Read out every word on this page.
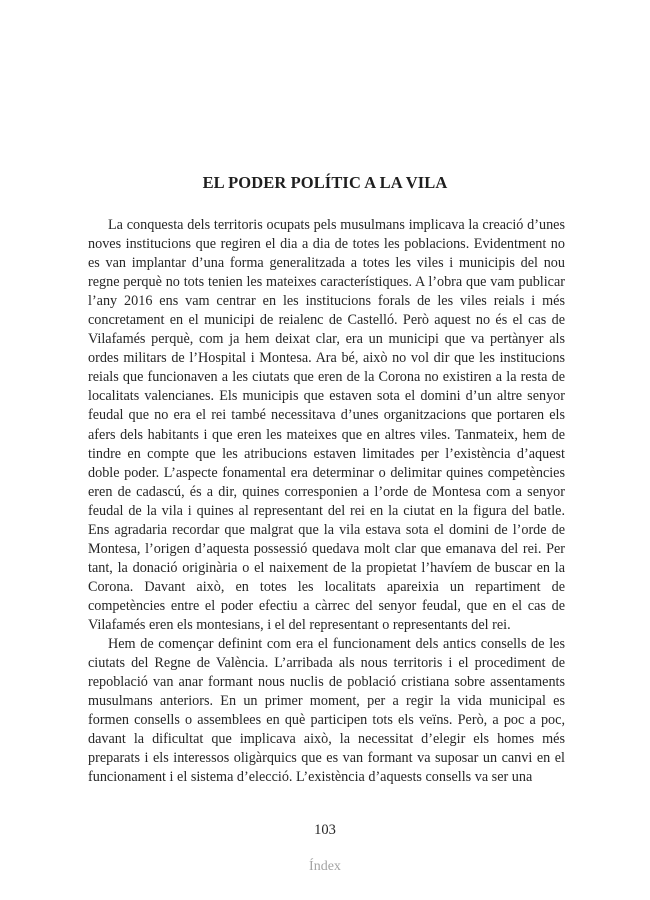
EL PODER POLÍTIC A LA VILA

La conquesta dels territoris ocupats pels musulmans implicava la creació d’unes noves institucions que regiren el dia a dia de totes les poblacions. Evidentment no es van implantar d’una forma generalitzada a totes les viles i municipis del nou regne perquè no tots tenien les mateixes característiques. A l’obra que vam publicar l’any 2016 ens vam centrar en les institucions forals de les viles reials i més concretament en el municipi de reialenc de Castelló. Però aquest no és el cas de Vilafamés perquè, com ja hem deixat clar, era un municipi que va pertànyer als ordes militars de l’Hospital i Montesa. Ara bé, això no vol dir que les institucions reials que funcionaven a les ciutats que eren de la Corona no existiren a la resta de localitats valencianes. Els municipis que estaven sota el domini d’un altre senyor feudal que no era el rei també necessitava d’unes organitzacions que portaren els afers dels habitants i que eren les mateixes que en altres viles. Tanmateix, hem de tindre en compte que les atribucions estaven limitades per l’existència d’aquest doble poder. L’aspecte fonamental era determinar o delimitar quines competències eren de cadascú, és a dir, quines corresponien a l’orde de Montesa com a senyor feudal de la vila i quines al representant del rei en la ciutat en la figura del batle. Ens agradaria recordar que malgrat que la vila estava sota el domini de l’orde de Montesa, l’origen d’aquesta possessió quedava molt clar que emanava del rei. Per tant, la donació originària o el naixement de la propietat l’havíem de buscar en la Corona. Davant això, en totes les localitats apareixia un repartiment de competències entre el poder efectiu a càrrec del senyor feudal, que en el cas de Vilafamés eren els montesians, i el del representant o representants del rei.

Hem de començar definint com era el funcionament dels antics consells de les ciutats del Regne de València. L’arribada als nous territoris i el procediment de repoblació van anar formant nous nuclis de població cristiana sobre assentaments musulmans anteriors. En un primer moment, per a regir la vida municipal es formen consells o assemblees en què participen tots els veïns. Però, a poc a poc, davant la dificultat que implicava això, la necessitat d’elegir els homes més preparats i els interessos oligàrquics que es van formant va suposar un canvi en el funcionament i el sistema d’elecció. L’existència d’aquests consells va ser una

103
Índex
